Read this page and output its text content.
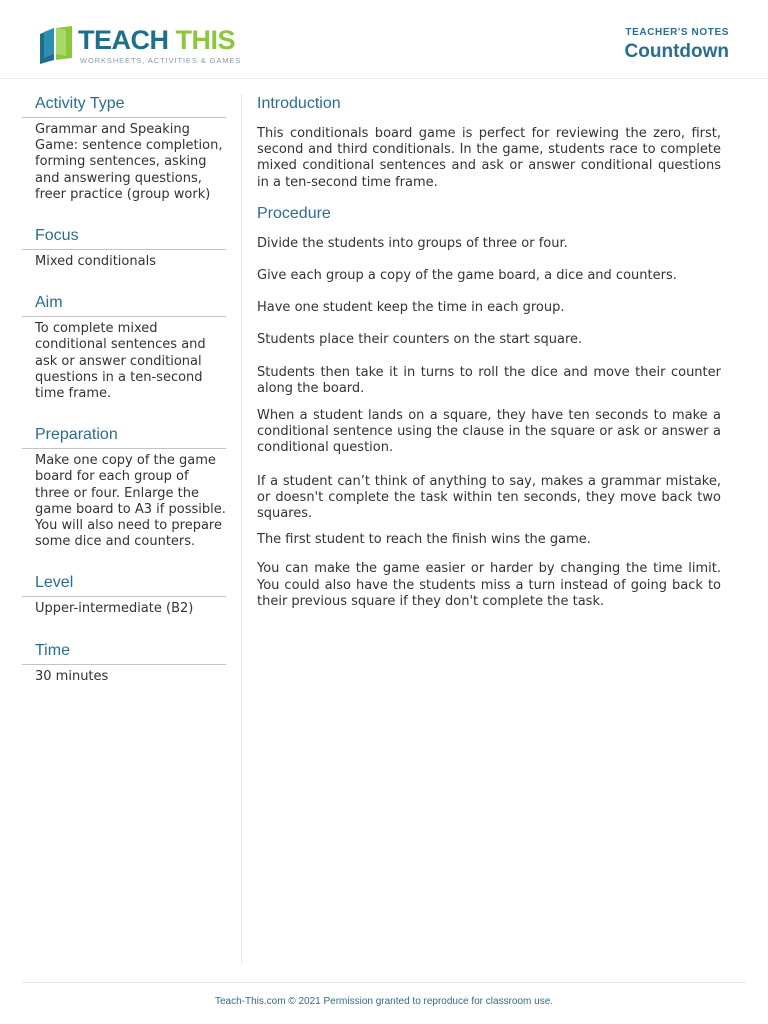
TEACH THIS
WORKSHEETS, ACTIVITIES & GAMES
TEACHER'S NOTES
Countdown
Activity Type
Grammar and Speaking Game: sentence completion, forming sentences, asking and answering questions, freer practice (group work)
Focus
Mixed conditionals
Aim
To complete mixed conditional sentences and ask or answer conditional questions in a ten-second time frame.
Preparation
Make one copy of the game board for each group of three or four. Enlarge the game board to A3 if possible. You will also need to prepare some dice and counters.
Level
Upper-intermediate (B2)
Time
30 minutes
Introduction

This conditionals board game is perfect for reviewing the zero, first, second and third conditionals. In the game, students race to complete mixed conditional sentences and ask or answer conditional questions in a ten-second time frame.

Procedure

Divide the students into groups of three or four.

Give each group a copy of the game board, a dice and counters.

Have one student keep the time in each group.

Students place their counters on the start square.

Students then take it in turns to roll the dice and move their counter along the board.

When a student lands on a square, they have ten seconds to make a conditional sentence using the clause in the square or ask or answer a conditional question.

If a student can’t think of anything to say, makes a grammar mistake, or doesn't complete the task within ten seconds, they move back two squares.

The first student to reach the finish wins the game.

You can make the game easier or harder by changing the time limit. You could also have the students miss a turn instead of going back to their previous square if they don't complete the task.

Teach-This.com © 2021 Permission granted to reproduce for classroom use.
